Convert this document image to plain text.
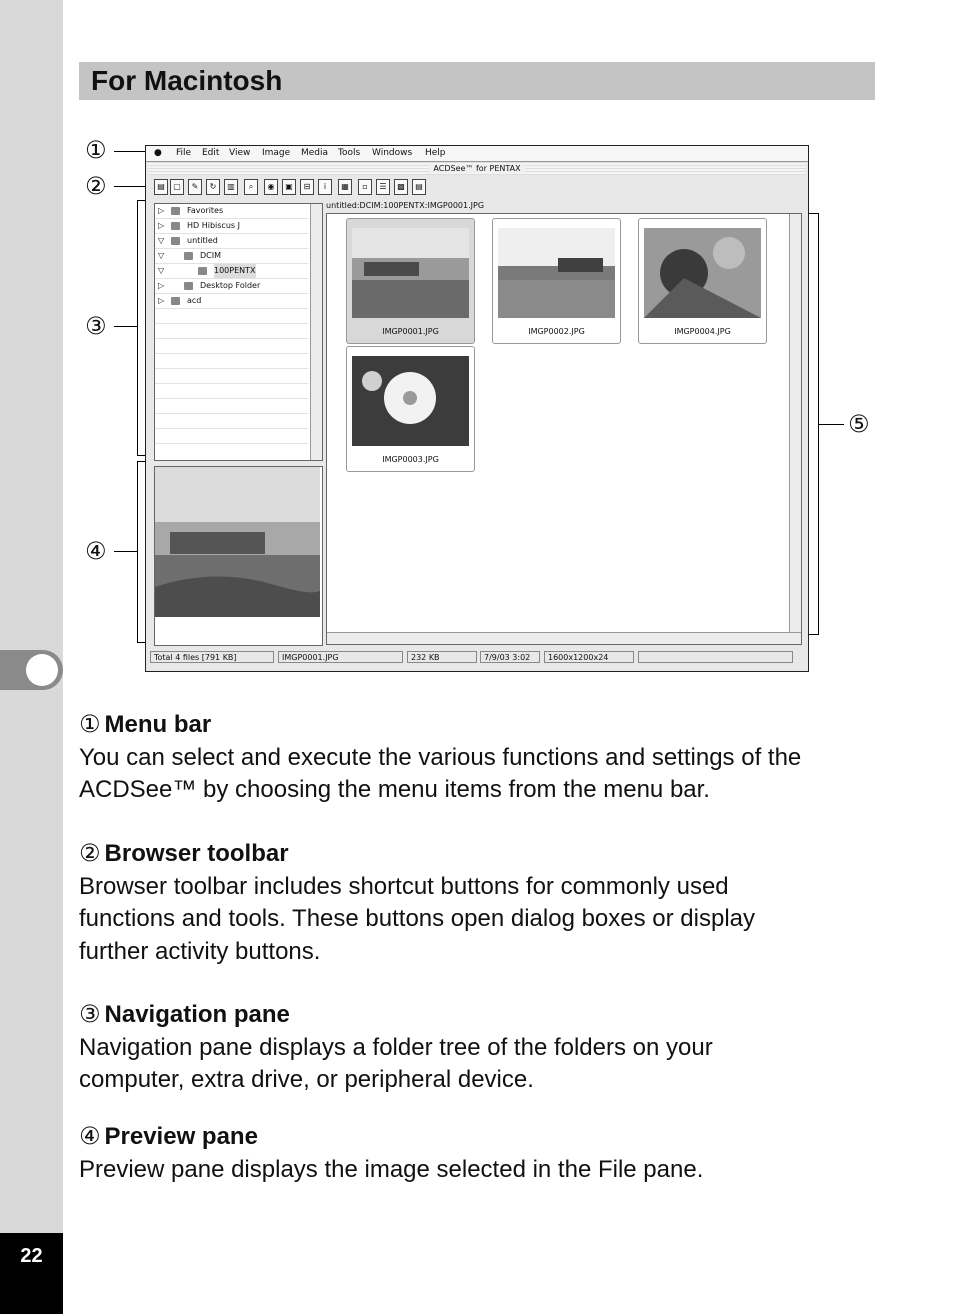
22
For Macintosh
①
②
③
④
⑤
● File Edit View Image Media Tools Windows Help
ACDSee™ for PENTAX
▤	▢	✎	↻	▥	⌕	◉	▣	⊟	i	▦	▫	☰	▩	▤
▷	Favorites
▷	HD Hibiscus J
▽	untitled
▽	DCIM
▽	100PENTX
▷	Desktop Folder
▷	acd
untitled:DCIM:100PENTX:IMGP0001.JPG
IMGP0001.JPG	IMGP0002.JPG	IMGP0004.JPG
IMGP0003.JPG
Total 4 files [791 KB]	IMGP0001.JPG	232 KB	7/9/03 3:02	1600x1200x24
① Menu bar
You can select and execute the various functions and settings of the
ACDSee™ by choosing the menu items from the menu bar.
② Browser toolbar
Browser toolbar includes shortcut buttons for commonly used
functions and tools. These buttons open dialog boxes or display
further activity buttons.
③ Navigation pane
Navigation pane displays a folder tree of the folders on your
computer, extra drive, or peripheral device.
④ Preview pane
Preview pane displays the image selected in the File pane.
